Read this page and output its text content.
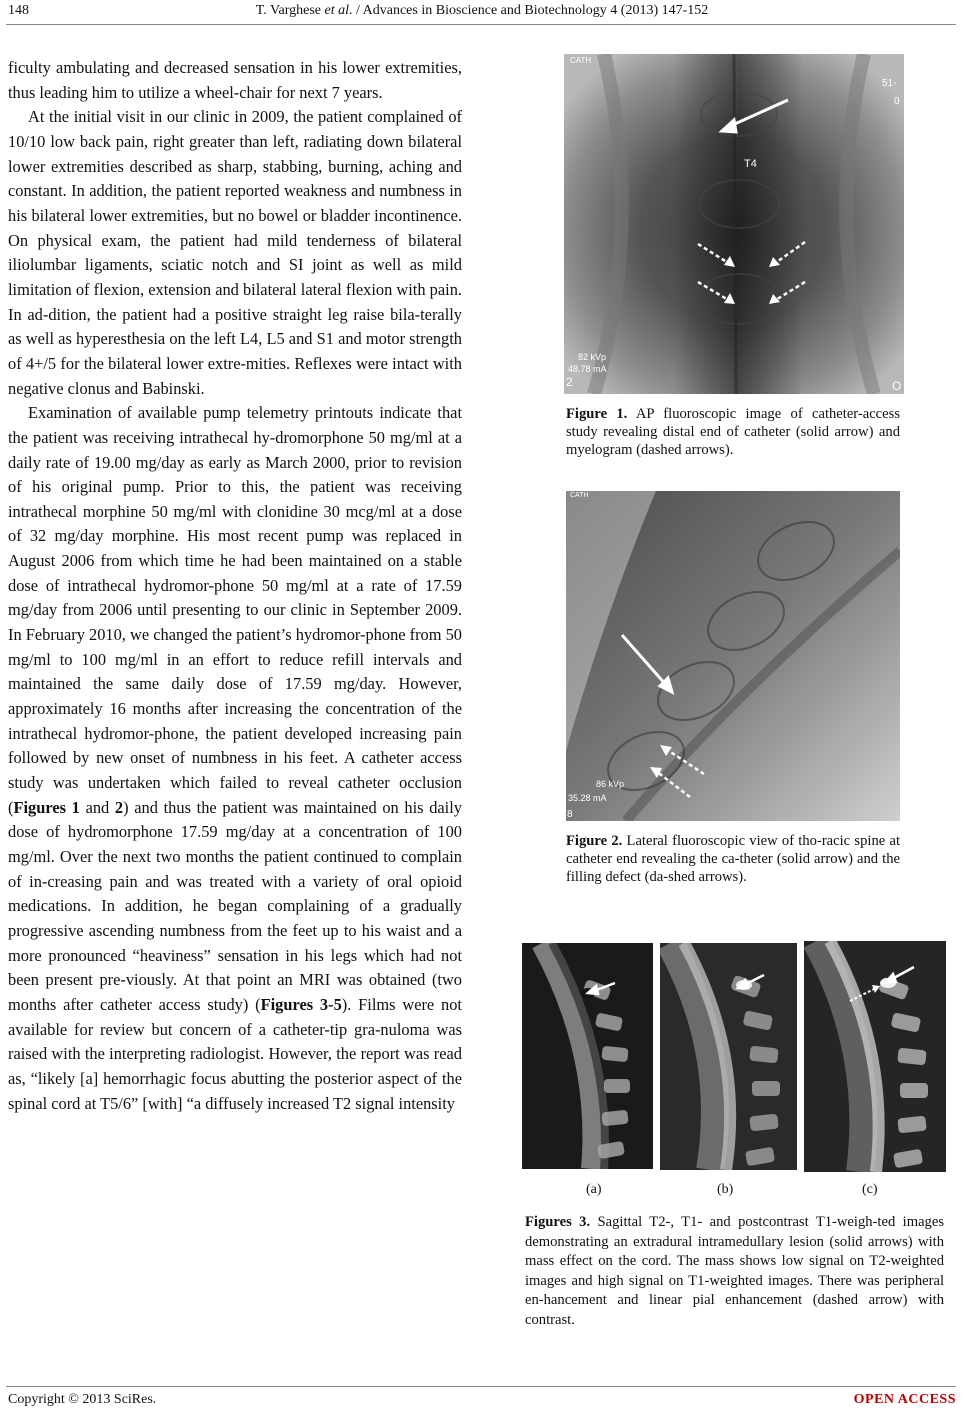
148	T. Varghese et al. / Advances in Bioscience and Biotechnology 4 (2013) 147-152

ficulty ambulating and decreased sensation in his lower extremities, thus leading him to utilize a wheel-chair for next 7 years.

At the initial visit in our clinic in 2009, the patient complained of 10/10 low back pain, right greater than left, radiating down bilateral lower extremities described as sharp, stabbing, burning, aching and constant. In addition, the patient reported weakness and numbness in his bilateral lower extremities, but no bowel or bladder incontinence. On physical exam, the patient had mild tenderness of bilateral iliolumbar ligaments, sciatic notch and SI joint as well as mild limitation of flexion, extension and bilateral lateral flexion with pain. In ad-dition, the patient had a positive straight leg raise bila-terally as well as hyperesthesia on the left L4, L5 and S1 and motor strength of 4+/5 for the bilateral lower extre-mities. Reflexes were intact with negative clonus and Babinski.

Examination of available pump telemetry printouts indicate that the patient was receiving intrathecal hy-dromorphone 50 mg/ml at a daily rate of 19.00 mg/day as early as March 2000, prior to revision of his original pump. Prior to this, the patient was receiving intrathecal morphine 50 mg/ml with clonidine 30 mcg/ml at a dose of 32 mg/day morphine. His most recent pump was replaced in August 2006 from which time he had been maintained on a stable dose of intrathecal hydromor-phone 50 mg/ml at a rate of 17.59 mg/day from 2006 until presenting to our clinic in September 2009. In February 2010, we changed the patient’s hydromor-phone from 50 mg/ml to 100 mg/ml in an effort to reduce refill intervals and maintained the same daily dose of 17.59 mg/day. However, approximately 16 months after increasing the concentration of the intrathecal hydromor-phone, the patient developed increasing pain followed by new onset of numbness in his feet. A catheter access study was undertaken which failed to reveal catheter occlusion (Figures 1 and 2) and thus the patient was maintained on his daily dose of hydromorphone 17.59 mg/day at a concentration of 100 mg/ml. Over the next two months the patient continued to complain of in-creasing pain and was treated with a variety of oral opioid medications. In addition, he began complaining of a gradually progressive ascending numbness from the feet up to his waist and a more pronounced “heaviness” sensation in his legs which had not been present pre-viously. At that point an MRI was obtained (two months after catheter access study) (Figures 3-5). Films were not available for review but concern of a catheter-tip gra-nuloma was raised with the interpreting radiologist. However, the report was read as, “likely [a] hemorrhagic focus abutting the posterior aspect of the spinal cord at T5/6” [with] “a diffusely increased T2 signal intensity

CATH
T4
51-
0
82 kVp
48.78 mA
2	O
Figure 1. AP fluoroscopic image of catheter-access study revealing distal end of catheter (solid arrow) and myelogram (dashed arrows).
CATH
86 kVp
35.28 mA
8
Figure 2. Lateral fluoroscopic view of tho-racic spine at catheter end revealing the ca-theter (solid arrow) and the filling defect (da-shed arrows).
(a)	(b)	(c)
Figures 3. Sagittal T2-, T1- and postcontrast T1-weigh-ted images demonstrating an extradural intramedullary lesion (solid arrows) with mass effect on the cord. The mass shows low signal on T2-weighted images and high signal on T1-weighted images. There was peripheral en-hancement and linear pial enhancement (dashed arrow) with contrast.
Copyright © 2013 SciRes.	OPEN ACCESS
